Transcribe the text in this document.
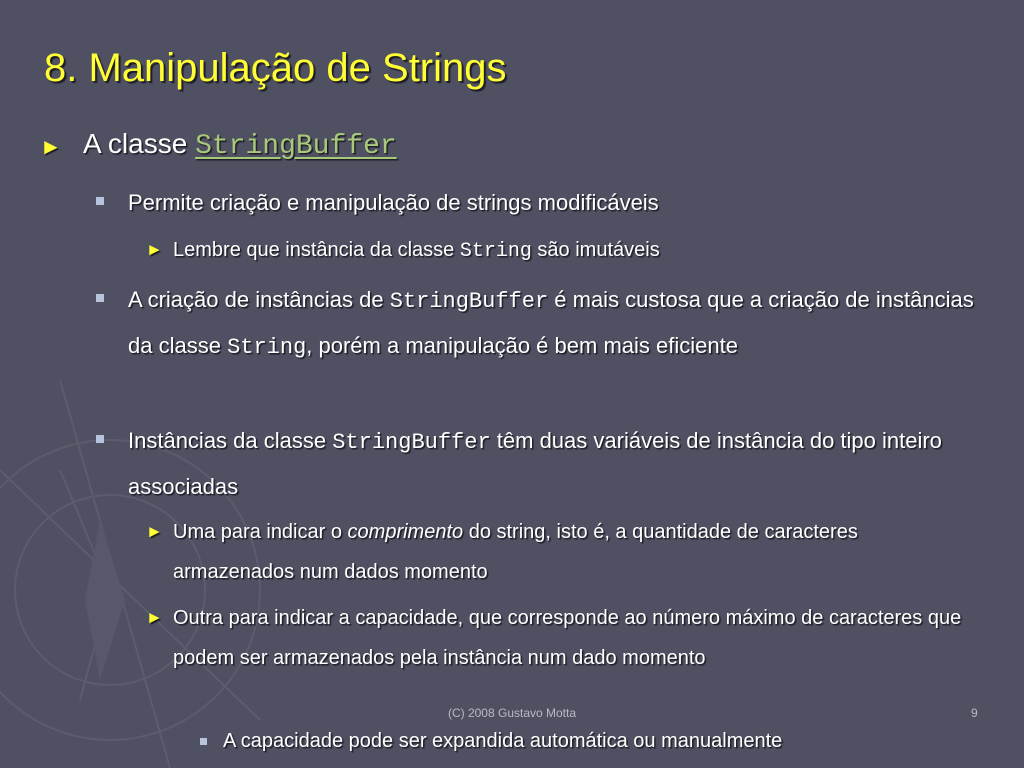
8. Manipulação de Strings
► A classe StringBuffer
Permite criação e manipulação de strings modificáveis
► Lembre que instância da classe String são imutáveis
A criação de instâncias de StringBuffer é mais custosa que a criação de instâncias da classe String, porém a manipulação é bem mais eficiente
Instâncias da classe StringBuffer têm duas variáveis de instância do tipo inteiro associadas
► Uma para indicar o comprimento do string, isto é, a quantidade de caracteres armazenados num dados momento
► Outra para indicar a capacidade, que corresponde ao número máximo de caracteres que podem ser armazenados pela instância num dado momento
A capacidade pode ser expandida automática ou manualmente
(C) 2008 Gustavo Motta	9
